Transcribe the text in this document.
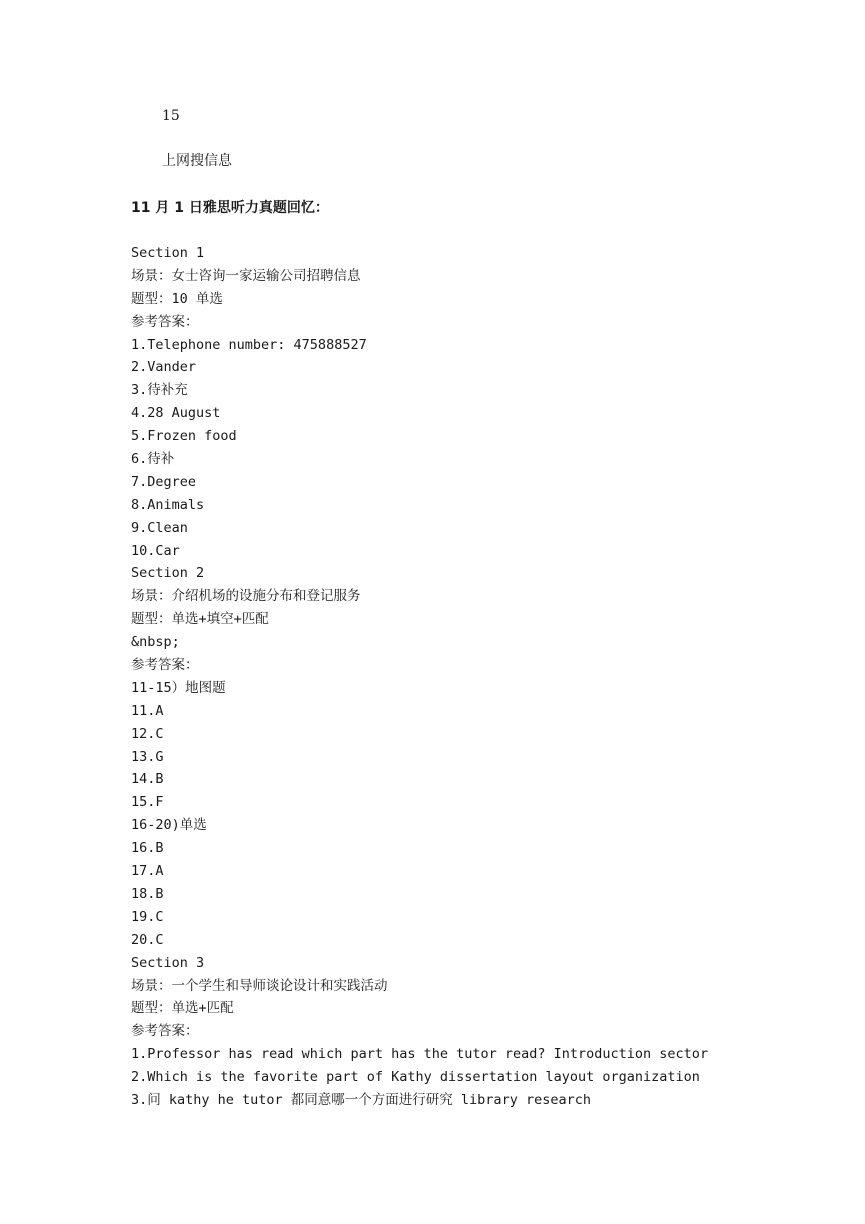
15
上网搜信息
11 月 1 日雅思听力真题回忆：
Section 1
场景：女士咨询一家运输公司招聘信息
题型：10 单选
参考答案：
1.Telephone number: 475888527
2.Vander
3.待补充
4.28 August
5.Frozen food
6.待补
7.Degree
8.Animals
9.Clean
10.Car
Section 2
场景：介绍机场的设施分布和登记服务
题型：单选+填空+匹配
&nbsp;
参考答案：
11-15）地图题
11.A
12.C
13.G
14.B
15.F
16-20)单选
16.B
17.A
18.B
19.C
20.C
Section 3
场景：一个学生和导师谈论设计和实践活动
题型：单选+匹配
参考答案：
1.Professor has read which part has the tutor read? Introduction sector
2.Which is the favorite part of Kathy dissertation layout organization
3.问 kathy he tutor 都同意哪一个方面进行研究 library research
